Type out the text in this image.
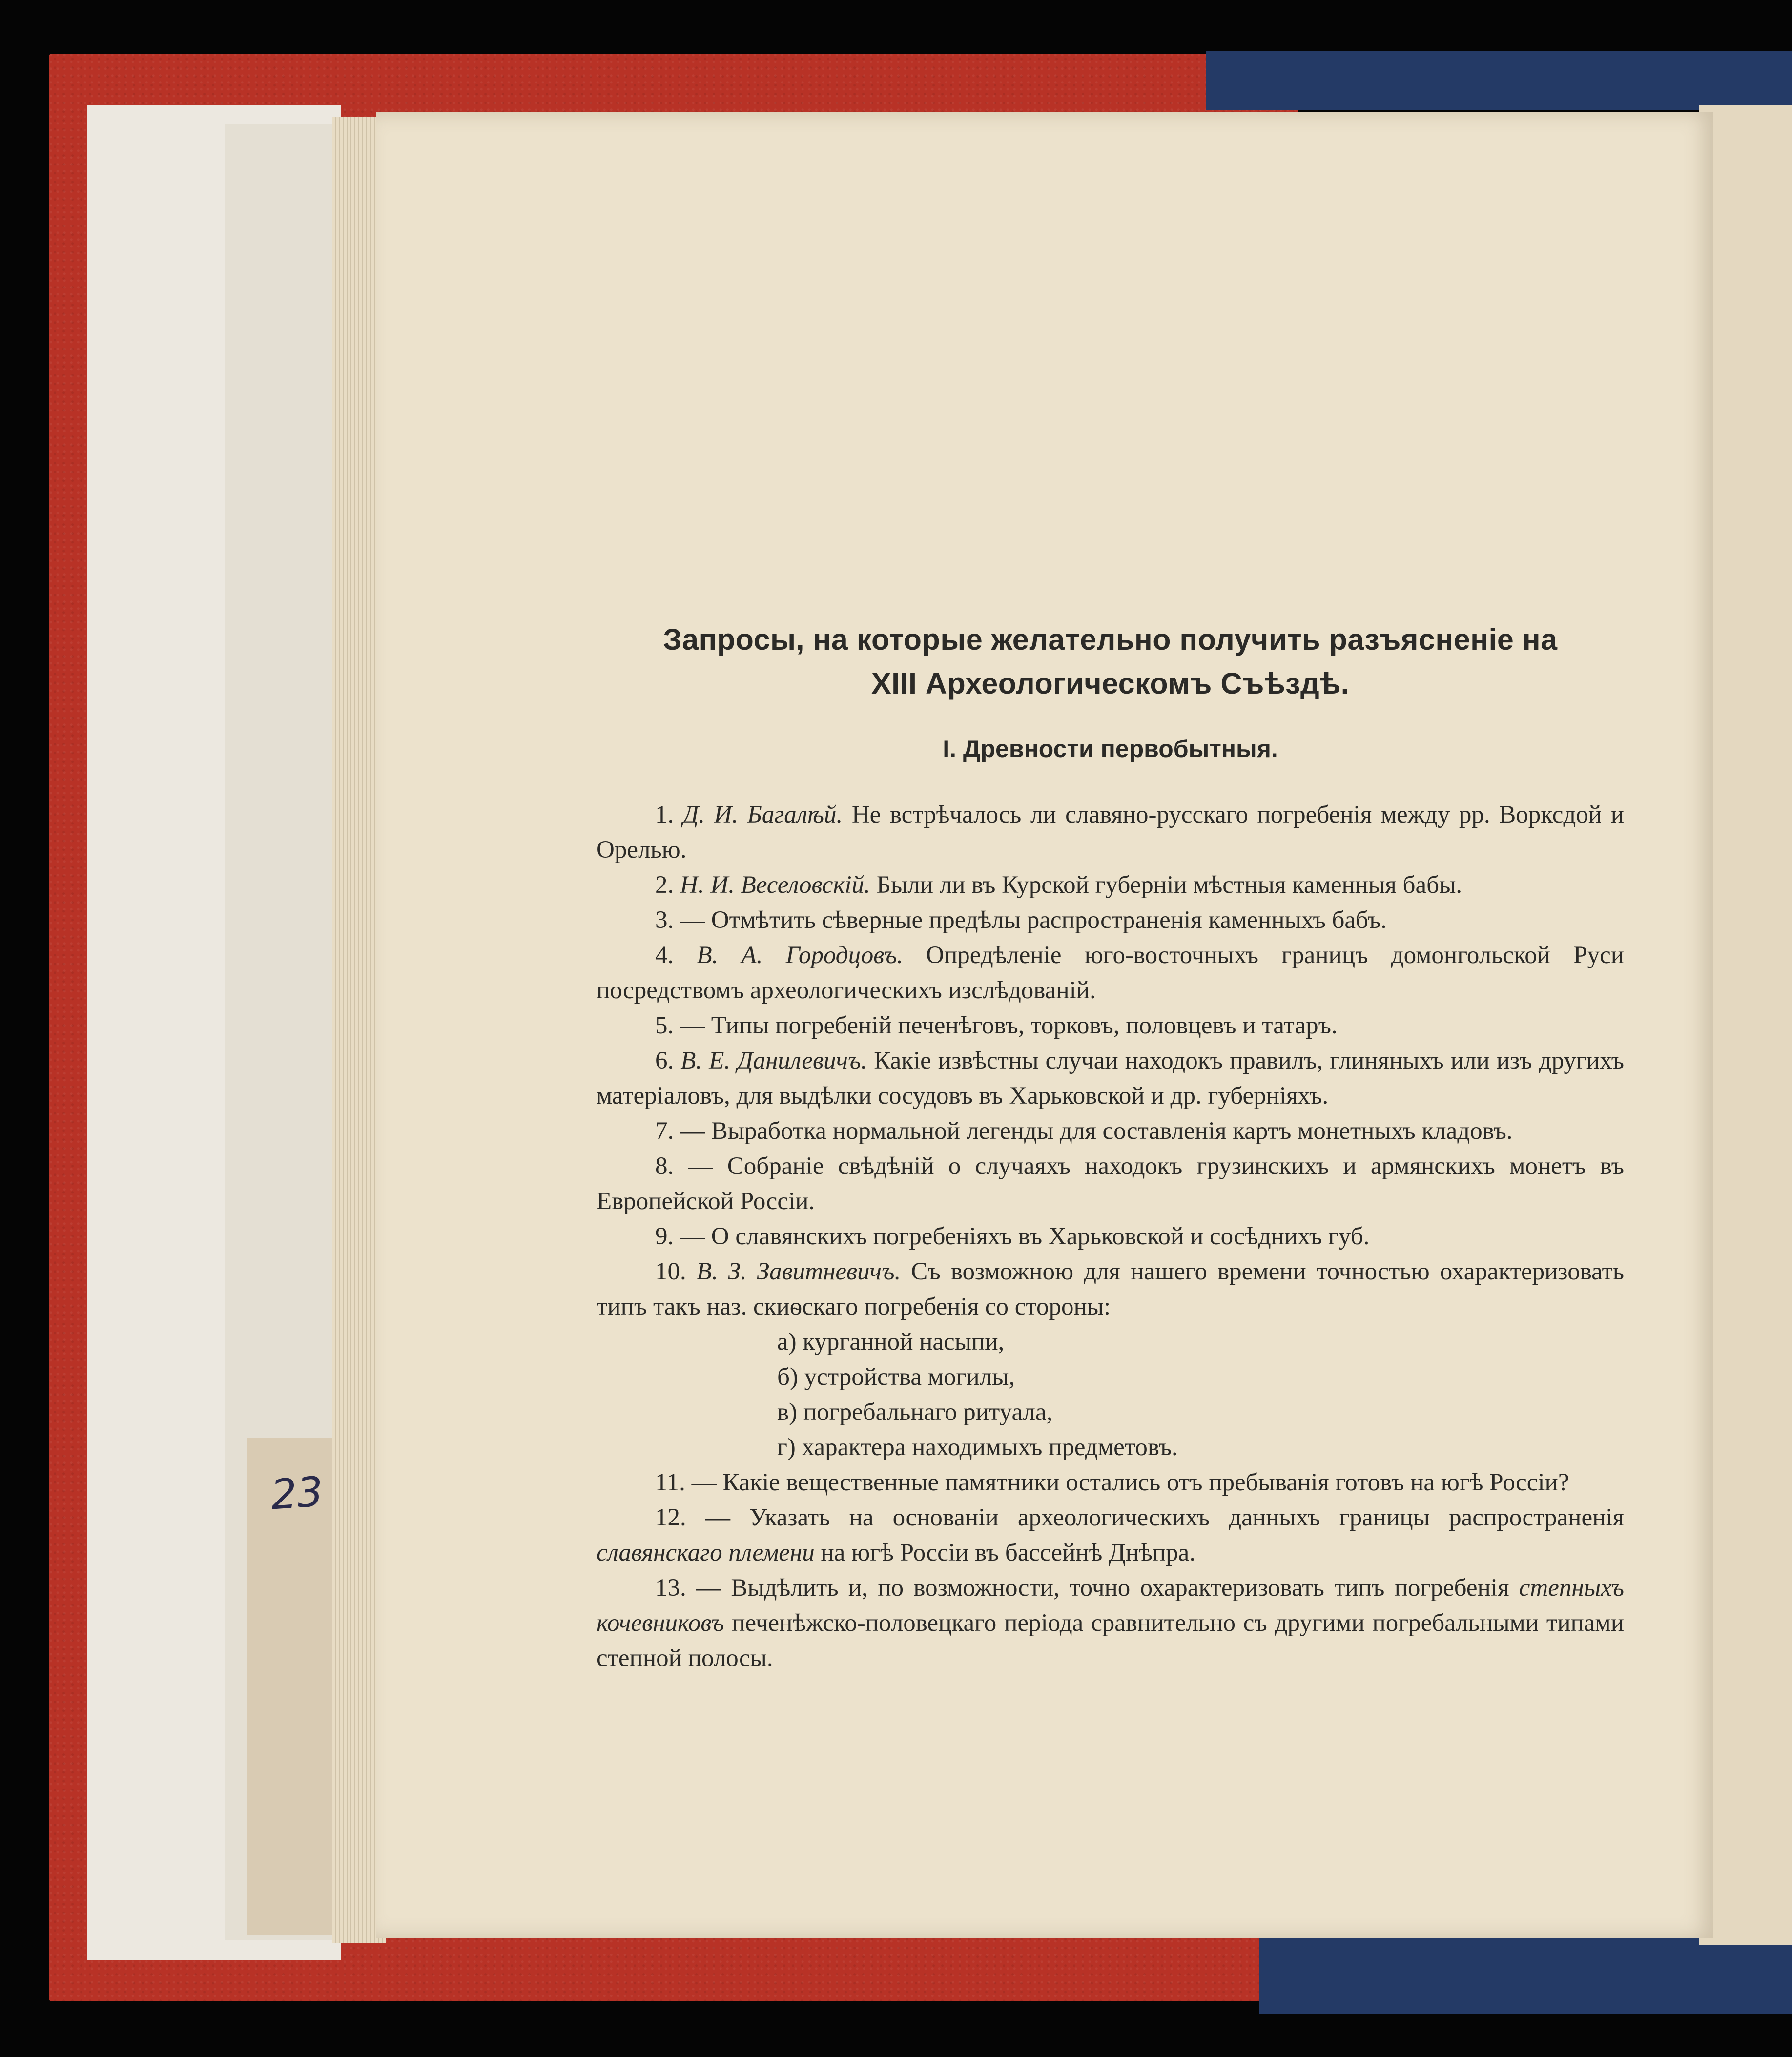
23
Запросы, на которые желательно получить разъясненіе на
XIII Археологическомъ Съѣздѣ.
I. Древности первобытныя.

1. Д. И. Багалѣй. Не встрѣчалось ли славяно-русскаго погребенія между рр. Ворксдой и Орелью.

2. Н. И. Веселовскій. Были ли въ Курской губерніи мѣстныя каменныя бабы.

3. — Отмѣтить сѣверные предѣлы распространенія каменныхъ бабъ.

4. В. А. Городцовъ. Опредѣленіе юго-восточныхъ границъ домонгольской Руси посредствомъ археологическихъ изслѣдованій.

5. — Типы погребеній печенѣговъ, торковъ, половцевъ и татаръ.

6. В. Е. Данилевичъ. Какіе извѣстны случаи находокъ правилъ, глиняныхъ или изъ другихъ матеріаловъ, для выдѣлки сосудовъ въ Харьковской и др. губерніяхъ.

7. — Выработка нормальной легенды для составленія картъ монетныхъ кладовъ.

8. — Собраніе свѣдѣній о случаяхъ находокъ грузинскихъ и армянскихъ монетъ въ Европейской Россіи.

9. — О славянскихъ погребеніяхъ въ Харьковской и сосѣднихъ губ.

10. В. З. Завитневичъ. Съ возможною для нашего времени точностью охарактеризовать типъ такъ наз. скиѳскаго погребенія со стороны:

а) курганной насыпи,

б) устройства могилы,

в) погребальнаго ритуала,

г) характера находимыхъ предметовъ.

11. — Какіе вещественные памятники остались отъ пребыванія готовъ на югѣ Россіи?

12. — Указать на основаніи археологическихъ данныхъ границы распространенія славянскаго племени на югѣ Россіи въ бассейнѣ Днѣпра.

13. — Выдѣлить и, по возможности, точно охарактеризовать типъ погребенія степныхъ кочевниковъ печенѣжско-половецкаго періода сравнительно съ другими погребальными типами степной полосы.
